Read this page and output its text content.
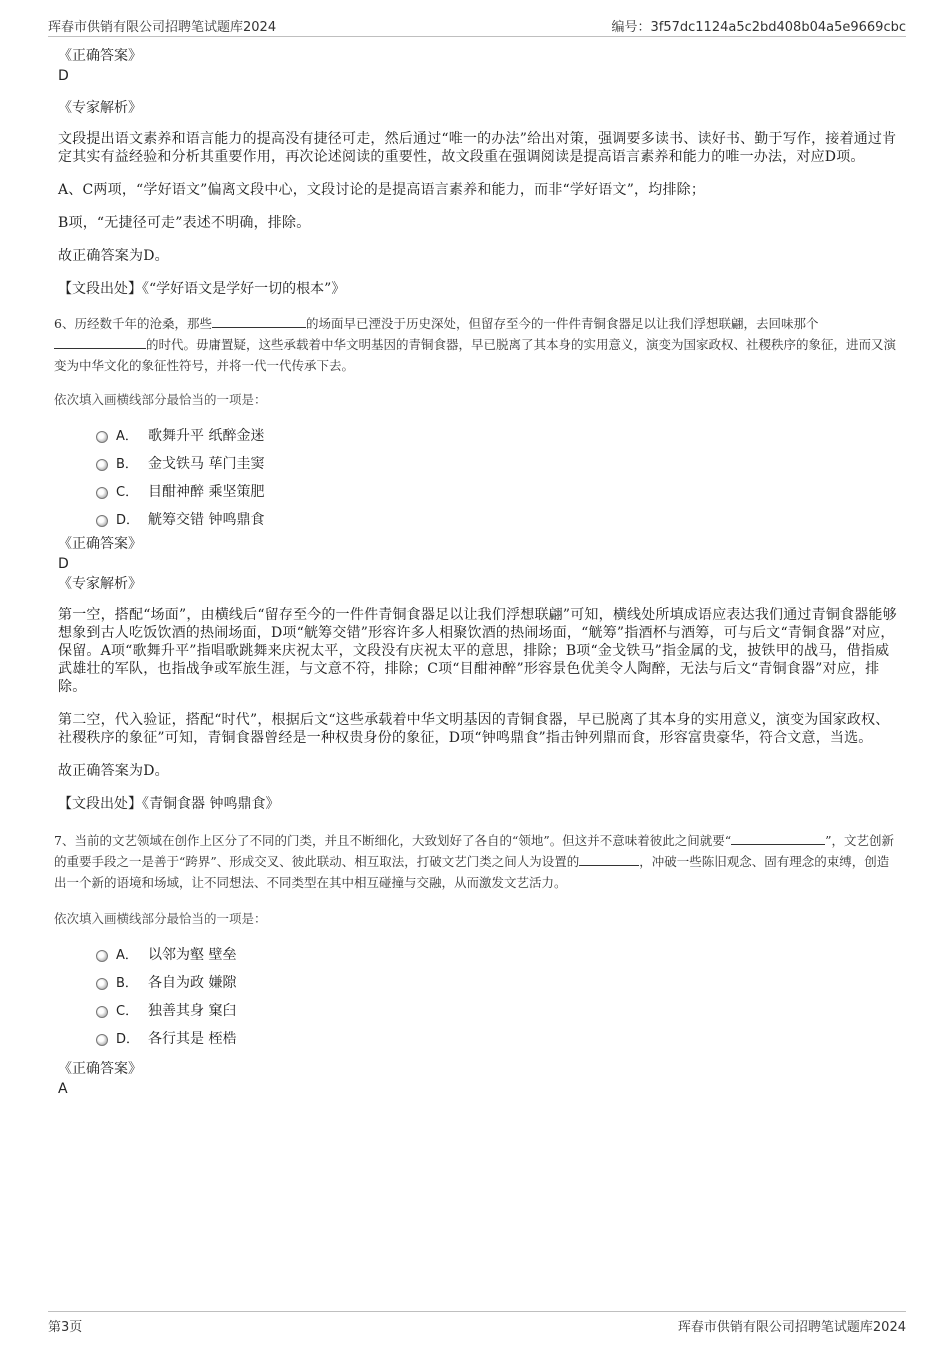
珲春市供销有限公司招聘笔试题库2024	编号：3f57dc1124a5c2bd408b04a5e9669cbc

《正确答案》

D

《专家解析》

文段提出语文素养和语言能力的提高没有捷径可走，然后通过“唯一的办法”给出对策，强调要多读书、读好书、勤于写作，接着通过肯定其实有益经验和分析其重要作用，再次论述阅读的重要性，故文段重在强调阅读是提高语言素养和能力的唯一办法，对应D项。

A、C两项，“学好语文”偏离文段中心，文段讨论的是提高语言素养和能力，而非“学好语文”，均排除；

B项，“无捷径可走”表述不明确，排除。

故正确答案为D。

【文段出处】《“学好语文是学好一切的根本”》

6、历经数千年的沧桑，那些	的场面早已湮没于历史深处，但留存至今的一件件青铜食器足以让我们浮想联翩，去回味那个的时代。毋庸置疑，这些承载着中华文明基因的青铜食器，早已脱离了其本身的实用意义，演变为国家政权、社稷秩序的象征，进而又演变为中华文化的象征性符号，并将一代一代传承下去。

依次填入画横线部分最恰当的一项是：

A． 歌舞升平 纸醉金迷
B． 金戈铁马 荜门圭窦
C． 目酣神醉 乘坚策肥
D． 觥筹交错 钟鸣鼎食

《正确答案》

D

《专家解析》

第一空，搭配“场面”，由横线后“留存至今的一件件青铜食器足以让我们浮想联翩”可知，横线处所填成语应表达我们通过青铜食器能够想象到古人吃饭饮酒的热闹场面，D项“觥筹交错”形容许多人相聚饮酒的热闹场面，“觥筹”指酒杯与酒筹，可与后文“青铜食器”对应，保留。A项“歌舞升平”指唱歌跳舞来庆祝太平，文段没有庆祝太平的意思，排除；B项“金戈铁马”指金属的戈，披铁甲的战马，借指威武雄壮的军队，也指战争或军旅生涯，与文意不符，排除；C项“目酣神醉”形容景色优美令人陶醉，无法与后文“青铜食器”对应，排除。

第二空，代入验证，搭配“时代”，根据后文“这些承载着中华文明基因的青铜食器，早已脱离了其本身的实用意义，演变为国家政权、社稷秩序的象征”可知，青铜食器曾经是一种权贵身份的象征，D项“钟鸣鼎食”指击钟列鼎而食，形容富贵豪华，符合文意，当选。

故正确答案为D。

【文段出处】《青铜食器 钟鸣鼎食》

7、当前的文艺领域在创作上区分了不同的门类，并且不断细化，大致划好了各自的“领地”。但这并不意味着彼此之间就要“	”，文艺创新的重要手段之一是善于“跨界”、形成交叉、彼此联动、相互取法，打破文艺门类之间人为设置的	，冲破一些陈旧观念、固有理念的束缚，创造出一个新的语境和场域，让不同想法、不同类型在其中相互碰撞与交融，从而激发文艺活力。

依次填入画横线部分最恰当的一项是：

A． 以邻为壑 壁垒
B． 各自为政 嫌隙
C． 独善其身 窠臼
D． 各行其是 桎梏

《正确答案》

A

第3页	珲春市供销有限公司招聘笔试题库2024
